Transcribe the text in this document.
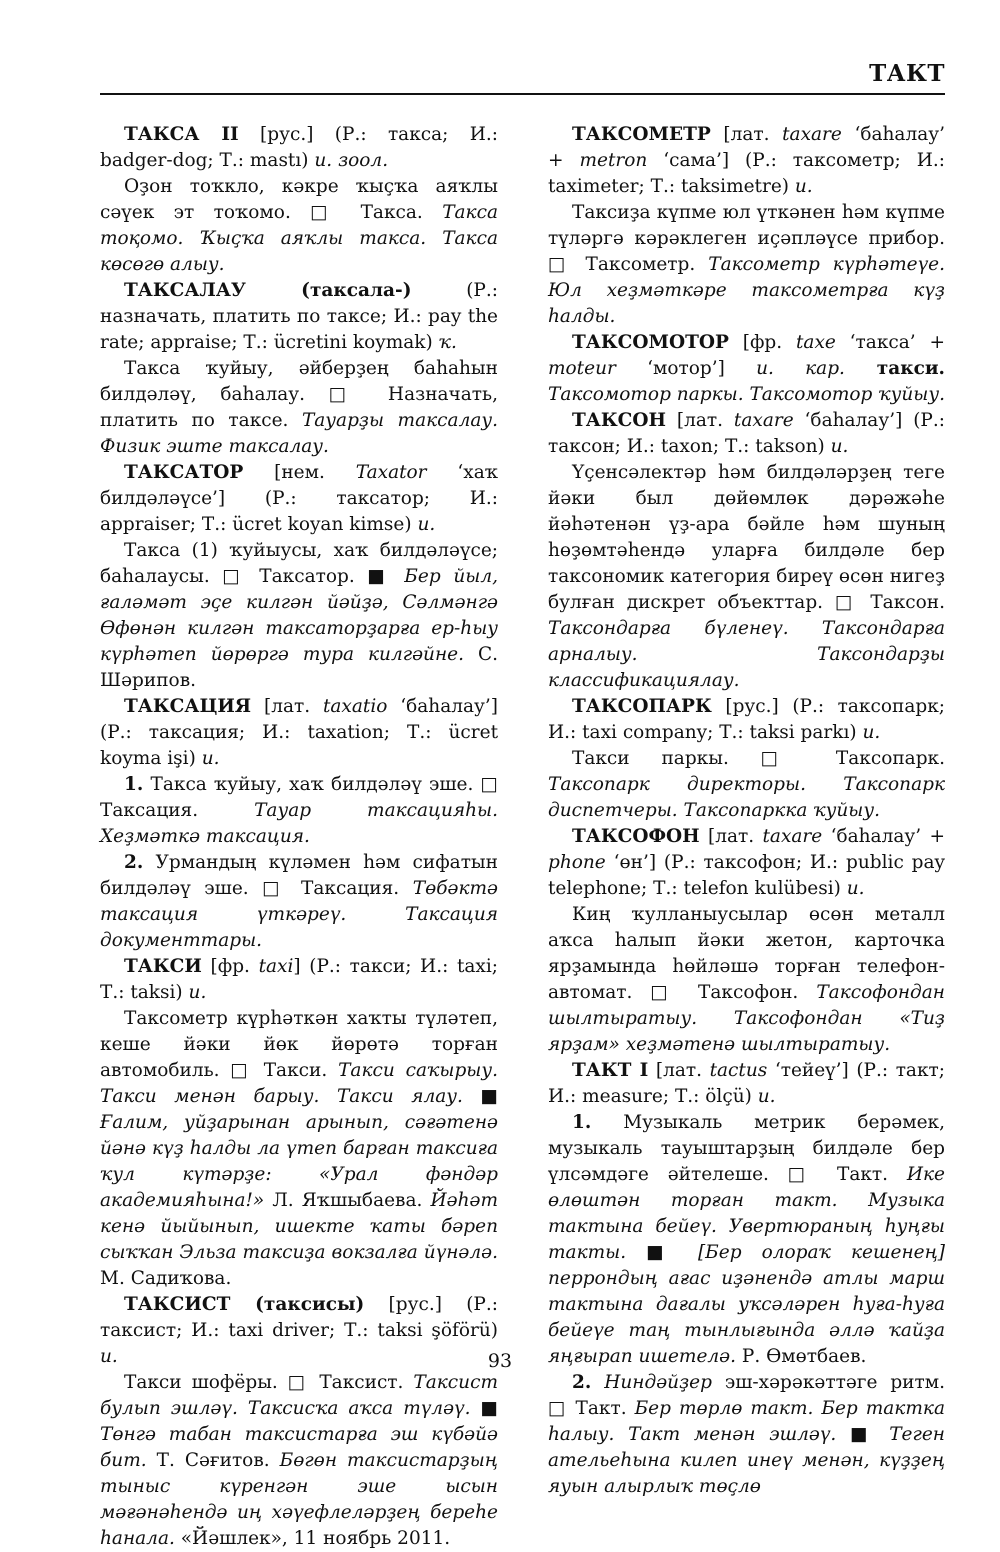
ТАКТ

ТАКСА II [рус.] (Р.: такса; И.: badger-dog; Т.: mastı) и. зоол.

Оҙон тоҡкло, кәкре ҡыҫҡа аяҡлы сәүек эт тоҡомо. □ Такса. Такса тоқомо. Ҡыҫҡа аяҡлы такса. Такса көсөгө алыу.

ТАКСАЛАУ (таксала-) (Р.: назначать, платить по таксе; И.: pay the rate; appraise; Т.: ücretini koymak) ҡ.

Такса ҡуйыу, әйберҙең баһаһын билдәләү, баһалау. □ Назначать, платить по таксе. Тауарҙы таксалау. Физик эште таксалау.

ТАКСАТОР [нем. Taxator ‘хаҡ билдәләүсе’] (Р.: таксатор; И.: appraiser; Т.: ücret koyan kimse) и.

Такса (1) ҡуйыусы, хаҡ билдәләүсе; баһалаусы. □ Таксатор. ■ Бер йыл, ғаләмәт эҫе килгән йәйҙә, Сәлмәнгә Өфөнән килгән таксаторҙарға ер-һыу күрһәтеп йөрөргә тура килгәйне. С. Шәрипов.

ТАКСАЦИЯ [лат. taxatio ‘баһалау’] (Р.: таксация; И.: taxation; Т.: ücret koyma işi) и.

1. Такса ҡуйыу, хаҡ билдәләү эше. □ Таксация. Тауар таксацияһы. Хеҙмәткә таксация.

2. Урмандың күләмен һәм сифатын билдәләү эше. □ Таксация. Төбәктә таксация үткәреү. Таксация документтары.

ТАКСИ [фр. taxi] (Р.: такси; И.: taxi; Т.: taksi) и.

Таксометр күрһәткән хаҡты түләтеп, кеше йәки йөк йөрөтә торған автомобиль. □ Такси. Такси саҡырыу. Такси менән барыу. Такси ялау. ■ Ғалим, уйҙарынан арынып, сәғәтенә йәнә күҙ һалды ла үтеп барған таксиға ҡул күтәрҙе: «Урал фәндәр академияһына!» Л. Яҡшыбаева. Йәһәт кенә йыйынып, ишекте ҡаты бәреп сыҡҡан Эльза таксиҙа вокзалға йүнәлә. М. Садиҡова.

ТАКСИСТ (таксисы) [рус.] (Р.: таксист; И.: taxi driver; Т.: taksi şöförü) и.

Такси шофёры. □ Таксист. Таксист булып эшләү. Таксисҡа аҡса түләү. ■ Төнгә табан таксистарға эш күбәйә бит. Т. Сәғитов. Бөгөн таксистарҙың тыныс күренгән эше ысын мәғәнәһендә иң хәүефлеләрҙең береһе һанала. «Йәшлек», 11 ноябрь 2011.

ТАКСОМЕТР [лат. taxare ‘баһалау’ + metron ‘сама’] (Р.: таксометр; И.: taximeter; Т.: taksimetre) и.

Таксиҙа күпме юл үткәнен һәм күпме түләргә кәрәклеген иҫәпләүсе прибор. □ Таксометр. Таксометр күрһәтеүе. Юл хеҙмәткәре таксометрға күҙ һалды.

ТАКСОМОТОР [фр. taxe ‘такса’ + moteur ‘мотор’] и. кар. такси. Таксомотор паркы. Таксомотор ҡуйыу.

ТАКСОН [лат. taxare ‘баһалау’] (Р.: таксон; И.: taxon; Т.: takson) и.

Үҫенсәлектәр һәм билдәләрҙең теге йәки был дөйөмлөк дәрәжәһе йәһәтенән үҙ-ара бәйле һәм шуның һөҙөмтәһендә уларға билдәле бер таксономик категория биреү өсөн нигеҙ булған дискрет объекттар. □ Таксон. Таксондарға бүленеү. Таксондарға арналыу. Таксондарҙы классификациялау.

ТАКСОПАРК [рус.] (Р.: таксопарк; И.: taxi company; Т.: taksi parkı) и.

Такси паркы. □ Таксопарк. Таксопарк директоры. Таксопарк диспетчеры. Таксопаркка ҡуйыу.

ТАКСОФОН [лат. taxare ‘баһалау’ + phone ‘өн’] (Р.: таксофон; И.: public pay telephone; Т.: telefon kulübesi) и.

Киң ҡулланыусылар өсөн металл аҡса һалып йәки жетон, карточка ярҙамында һөйләшә торған телефон-автомат. □ Таксофон. Таксофондан шылтыратыу. Таксофондан «Тиҙ ярҙам» хеҙмәтенә шылтыратыу.

ТАКТ I [лат. tactus ‘тейеү’] (Р.: такт; И.: measure; Т.: ölçü) и.

1. Музыкаль метрик берәмек, музыкаль тауыштарҙың билдәле бер үлсәмдәге әйтелеше. □ Такт. Ике өлөштән торған такт. Музыка тактына бейеү. Увертюраның һуңғы такты. ■ [Бер олораҡ кешенең] перрондың ағас иҙәнендә атлы марш тактына дағалы уҡсәләрен һуға-һуға бейеүе таң тынлығында әллә ҡайҙа яңғырап ишетелә. Р. Өмөтбаев.

2. Ниндәйҙер эш-хәрәкәттәге ритм. □ Такт. Бер төрлө такт. Бер тактка һалыу. Такт менән эшләү. ■ Теген ательеһына килеп инеү менән, күҙҙең яуын алырлыҡ төҫлө

93
